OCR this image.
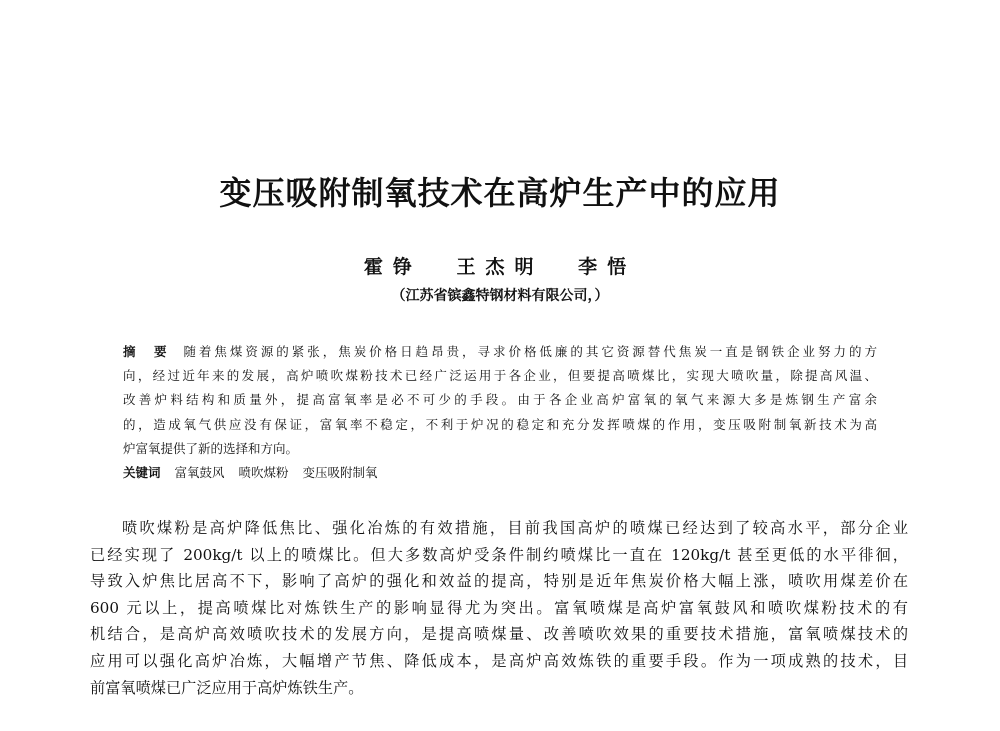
变压吸附制氧技术在高炉生产中的应用
霍铮 王杰明 李悟
（江苏省镔鑫特钢材料有限公司，）
摘　要 随着焦煤资源的紧张，焦炭价格日趋昂贵，寻求价格低廉的其它资源替代焦炭一直是钢铁企业努力的方
向，经过近年来的发展，高炉喷吹煤粉技术已经广泛运用于各企业，但要提高喷煤比，实现大喷吹量，除提高风温、
改善炉料结构和质量外，提高富氧率是必不可少的手段。由于各企业高炉富氧的氧气来源大多是炼钢生产富余
的，造成氧气供应没有保证，富氧率不稳定，不利于炉况的稳定和充分发挥喷煤的作用，变压吸附制氧新技术为高
炉富氧提供了新的选择和方向。
关键词 富氧鼓风 喷吹煤粉 变压吸附制氧
喷吹煤粉是高炉降低焦比、强化冶炼的有效措施，目前我国高炉的喷煤已经达到了较高水平，部分企业
已经实现了 200kg/t 以上的喷煤比。但大多数高炉受条件制约喷煤比一直在 120kg/t 甚至更低的水平徘徊，
导致入炉焦比居高不下，影响了高炉的强化和效益的提高，特别是近年焦炭价格大幅上涨，喷吹用煤差价在
600 元以上，提高喷煤比对炼铁生产的影响显得尤为突出。富氧喷煤是高炉富氧鼓风和喷吹煤粉技术的有
机结合，是高炉高效喷吹技术的发展方向，是提高喷煤量、改善喷吹效果的重要技术措施，富氧喷煤技术的
应用可以强化高炉冶炼，大幅增产节焦、降低成本，是高炉高效炼铁的重要手段。作为一项成熟的技术，目
前富氧喷煤已广泛应用于高炉炼铁生产。
